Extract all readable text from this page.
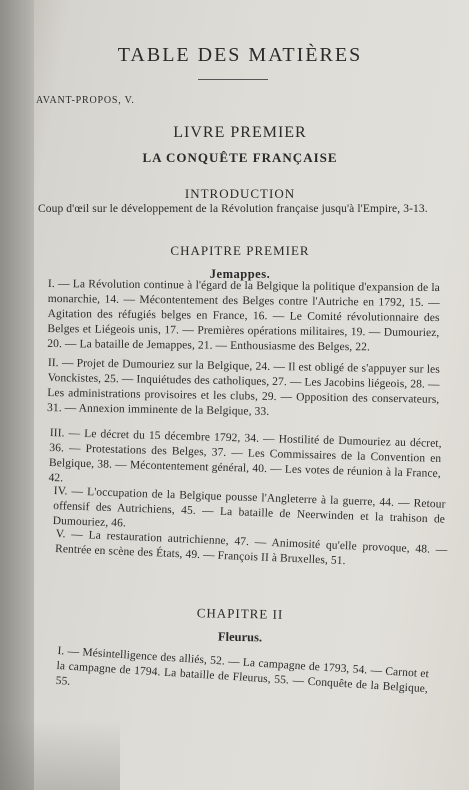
TABLE DES MATIÈRES
AVANT-PROPOS, V.
LIVRE PREMIER
LA CONQUÊTE FRANÇAISE
INTRODUCTION
Coup d'œil sur le développement de la Révolution française jusqu'à l'Empire, 3-13.
CHAPITRE PREMIER
Jemappes.
I. — La Révolution continue à l'égard de la Belgique la politique d'expansion de la monarchie, 14. — Mécontentement des Belges contre l'Autriche en 1792, 15. — Agitation des réfugiés belges en France, 16. — Le Comité révolutionnaire des Belges et Liégeois unis, 17. — Premières opérations militaires, 19. — Dumouriez, 20. — La bataille de Jemappes, 21. — Enthousiasme des Belges, 22.
II. — Projet de Dumouriez sur la Belgique, 24. — Il est obligé de s'appuyer sur les Vonckistes, 25. — Inquiétudes des catholiques, 27. — Les Jacobins liégeois, 28. — Les administrations provisoires et les clubs, 29. — Opposition des conservateurs, 31. — Annexion imminente de la Belgique, 33.
III. — Le décret du 15 décembre 1792, 34. — Hostilité de Dumouriez au décret, 36. — Protestations des Belges, 37. — Les Commissaires de la Convention en Belgique, 38. — Mécontentement général, 40. — Les votes de réunion à la France, 42.
IV. — L'occupation de la Belgique pousse l'Angleterre à la guerre, 44. — Retour offensif des Autrichiens, 45. — La bataille de Neerwinden et la trahison de Dumouriez, 46.
V. — La restauration autrichienne, 47. — Animosité qu'elle provoque, 48. — Rentrée en scène des États, 49. — François II à Bruxelles, 51.
CHAPITRE II
Fleurus.
I. — Mésintelligence des alliés, 52. — La campagne de 1793, 54. — Carnot et la campagne de 1794. La bataille de Fleurus, 55. — Conquête de la Belgique, 55.
